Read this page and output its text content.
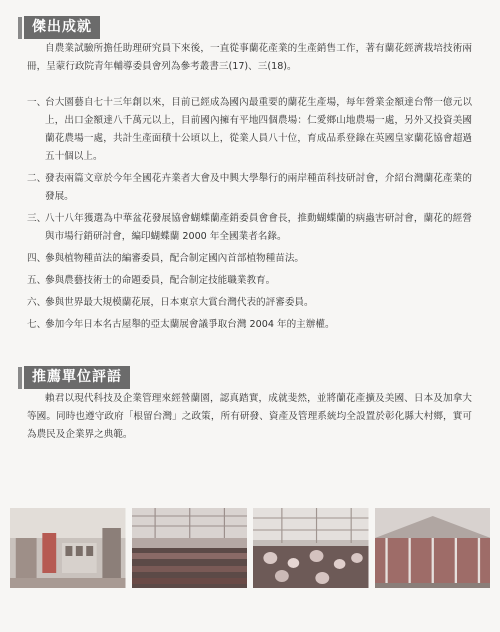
傑出成就
自農業試驗所擔任助理研究員下來後，一直從事蘭花產業的生產銷售工作，著有蘭花經濟栽培技術兩冊，呈蒙行政院青年輔導委員會列為參考叢書三(17)、三(18)。
一、
台大園藝自七十三年創以來，目前已經成為國內最重要的蘭花生產場，每年營業金額達台幣一億元以上，出口金額達八千萬元以上，目前國內擁有平地四個農場：仁愛鄉山地農場一處，另外又投資美國蘭花農場一處，共計生產面積十公頃以上，從業人員八十位，育成品系登錄在英國皇家蘭花協會超過五十個以上。
二、
發表兩篇文章於今年全國花卉業者大會及中興大學舉行的兩岸種苗科技研討會，介紹台灣蘭花產業的發展。
三、
八十八年獲選為中華盆花發展協會蝴蝶蘭產銷委員會會長，推動蝴蝶蘭的病蟲害研討會，蘭花的經營與市場行銷研討會，編印蝴蝶蘭 2000 年全國業者名錄。
四、
參與植物種苗法的編審委員，配合制定國內首部植物種苗法。
五、
參與農藝技術士的命題委員，配合制定技能職業教育。
六、
參與世界最大規模蘭花展，日本東京大賞台灣代表的評審委員。
七、
參加今年日本名古屋舉的亞太蘭展會議爭取台灣 2004 年的主辦權。
推薦單位評語
賴君以現代科技及企業管理來經營蘭園，認真踏實，成就斐然，並將蘭花產擴及美國、日本及加拿大等國。同時也遵守政府「根留台灣」之政策，所有研發、資產及管理系統均全設置於彰化縣大村鄉，實可為農民及企業界之典範。
